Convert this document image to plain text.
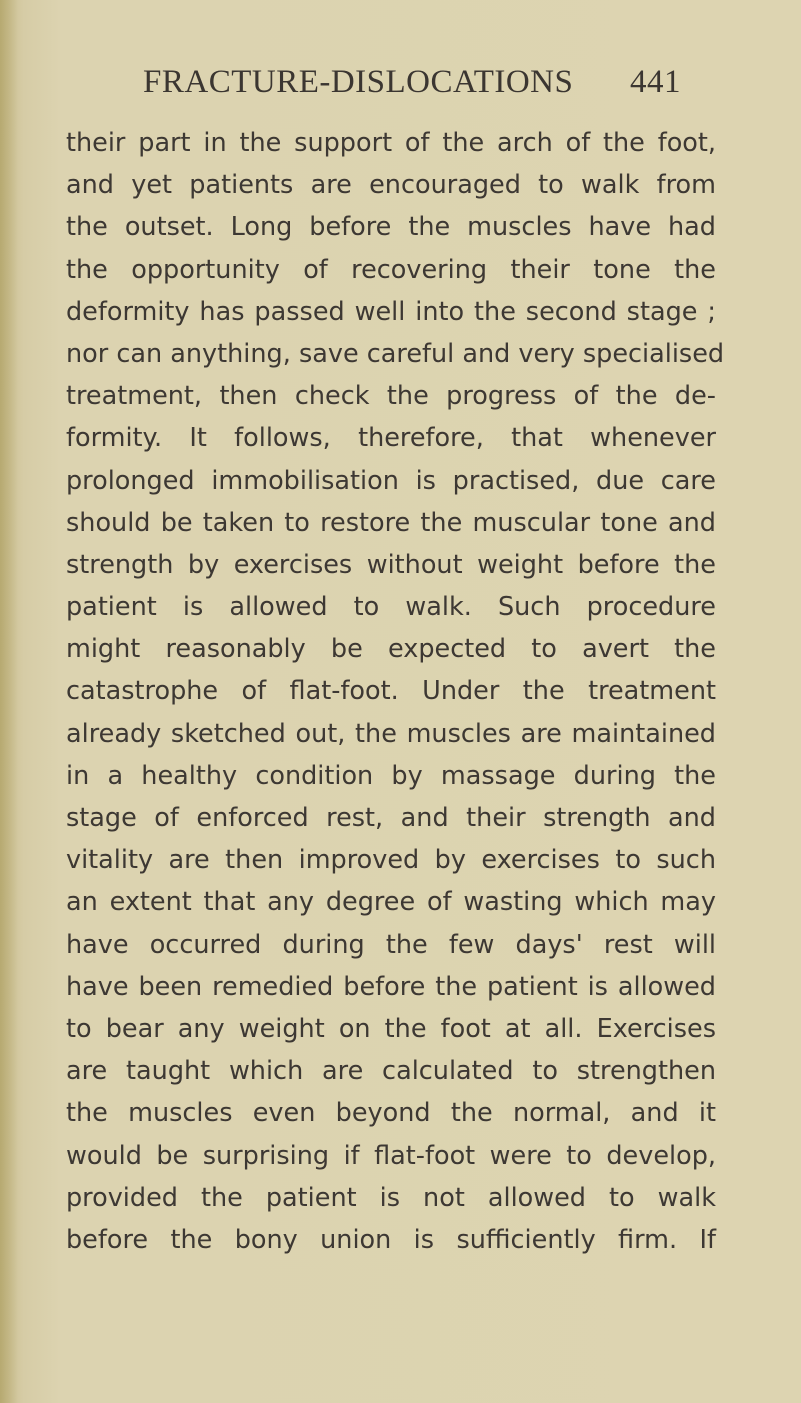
FRACTURE-DISLOCATIONS 441
their part in the support of the arch of the foot,
and yet patients are encouraged to walk from
the outset. Long before the muscles have had
the opportunity of recovering their tone the
deformity has passed well into the second stage ;
nor can anything, save careful and very specialised
treatment, then check the progress of the de-
formity. It follows, therefore, that whenever
prolonged immobilisation is practised, due care
should be taken to restore the muscular tone and
strength by exercises without weight before the
patient is allowed to walk. Such procedure
might reasonably be expected to avert the
catastrophe of flat-foot. Under the treatment
already sketched out, the muscles are maintained
in a healthy condition by massage during the
stage of enforced rest, and their strength and
vitality are then improved by exercises to such
an extent that any degree of wasting which may
have occurred during the few days' rest will
have been remedied before the patient is allowed
to bear any weight on the foot at all. Exercises
are taught which are calculated to strengthen
the muscles even beyond the normal, and it
would be surprising if flat-foot were to develop,
provided the patient is not allowed to walk
before the bony union is sufficiently firm. If
